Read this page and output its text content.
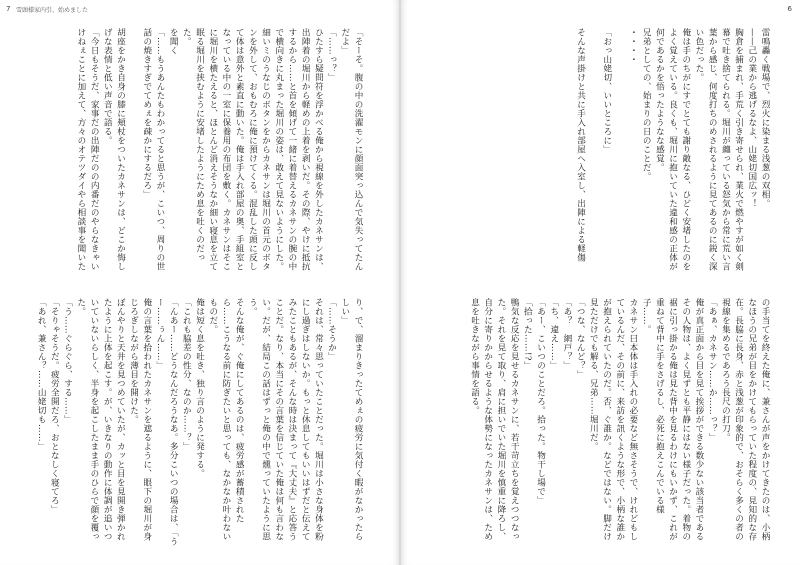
7 雪頭様家内引、始めました

「そーそ。腹の中の洗濯モンに顔面突っ込んで気失ってたんだよ」

「……っ？」

ひたすら疑問符を浮かべる俺から視線を外したカネサンは、出陣着の堀川から軽めの上着を剥いだ。その際、やけに抵抗するから……と首を傾げて一緒に着替えるカネサンの腕の中で横向きに丸まった堀川の姿は、敢えて見ないようにした。

細いミのうなじのボタンをからカネサンは堀川の首元のボタンを外して、おもむろに俺に預けてくる。混乱した頭に反して体は意外と素直に動いた。俺は手入れ部屋の奥、手組室となっている中の一室に保養用の布団を敷く。カネサンはそこに堀川を横たえると、ほとんど消えそうなか細い寝息を立て眠る堀川を挟むように安堵したようにため息を吐くのだった。

を聞く

「……もうあんたもわかってると思うが、こいつ、周りの世話の焼きすぎでてめぇを疎かにするだろ」

胡座をかき自身の膝に頬杖をついたカネサンは、どこか悔しげな表情と低い声音で語る。

「今日もそうだ、家事だの出陣だのの内番だのやらなきゃいけねぇことに加えて、方々のオテツダイやら相談事を聞いた

り、で、溜まりきったてめぇの疲労に気付く暇がなかったらしい」

「……そうか」

それは、常々思っていたことだった。堀川は小さな身体を粉にし過ぎはしないか。もっと休息してもいいはずだと伝えてみたこともあるが、そんな時は決まって『大丈夫』と応答うことだ。なり、本当にその言葉を信じていた俺は何も言わない。だが、結局この話はずっと俺の中で燻っていたように思う。

そんな俺が、ぐ俺にしてあるのは、疲労感が蓄積されたら……こうなる前に防ぎたいと思っても、なかなか叶わないものだ。

俺は短く息を吐き、独り言のように発する。

「これも脇差の性分、なのか……？」

「んあー……どうなんだろうなあ。多分こいつの場合は、「うー……ぅん……」

俺の言葉を拾われたカネサンを遮るように、眼下の堀川が身じろぎしながら薄目を開けた。

ぼんやりと天井を見つめていたが、カッと目を見開き弾かれたように上体を起こす。が、いきなりの動作に体調が追いついていないらしく、半身を起こしたまま手のひらで顔を覆った。

「う……ぐらぐら、する……」

「そりゃそうだ。疲労全開だろ、おとなしく寝てろ」

「あれ、兼さん？……山姥切も……」

6

雷鳴轟く戦場で、烈火に染まる浅葱の双相。

——己の業から逃げるなよ、山姥切国広ッ！

胸倉を捕まれ、手荒く引き寄せられ、業火で燃やすが如く剣幕で吐き捨てられる。堀川が纏っている怒気から常に荒い言葉から感じ、何度打ちのめされるように見てあるのに鋭く深い色だった。

俺は手のちがにすでとても謝り敵なる、ひどく安堵したのをよく覚えている。良くも、堀川に抱いていた違和感の正体が何であるかを悟ったようなな感覚。

兄弟としての、始まりの日のことだ。

・・・・

「おっ山姥切、いいところに」

そんな声掛けと共に手入れ部屋へ入室し、出陣による軽傷

の手当てを終えた俺に、兼さんが声をかけてきたのは、小柄なほうの兄弟が目をかけてもらっていた程度の、見知的な存在。長脇に長身、赤と浅葱が印象的で、おそらく多くの者の視線を集めるであろう長尺の打刀。

「あぁ、カネサン……か……っ？」

俺が真正面から目を見て挨拶ができる数少ない該当者であるその人物は、よく見ずとも平静にはない様子だった。着物の裾に引っ掛かる俺は見た背中を見るわけにもいかず、これが重ねて背中に手をさげるし、必死に抱えこんでいる様子……。

カネサン曰本体は手入れの必要など無さそうで、けれどもしているんだ、その前に、来訪を訊くような形で、小柄な誰かが抱えられていたのだ。否、ぐ誰か。などではない。脚だけ見ただけでも解る、兄弟……堀川だ。

「つな、なんど？」

「あ？　網戸？」

「ち、違え……」

「あー、こいつのことだろ。拾った。物干し場で」

「拾った……!?」

鴨気な反応を見せるカネサンに、若干苛立ちを覚えつつなった。それを見て取り、肩に担いでいた堀川を慎重に降ろし、自分に寄りかからせるような体勢になったカネサンは、ため息を吐きながら事情を語る。
